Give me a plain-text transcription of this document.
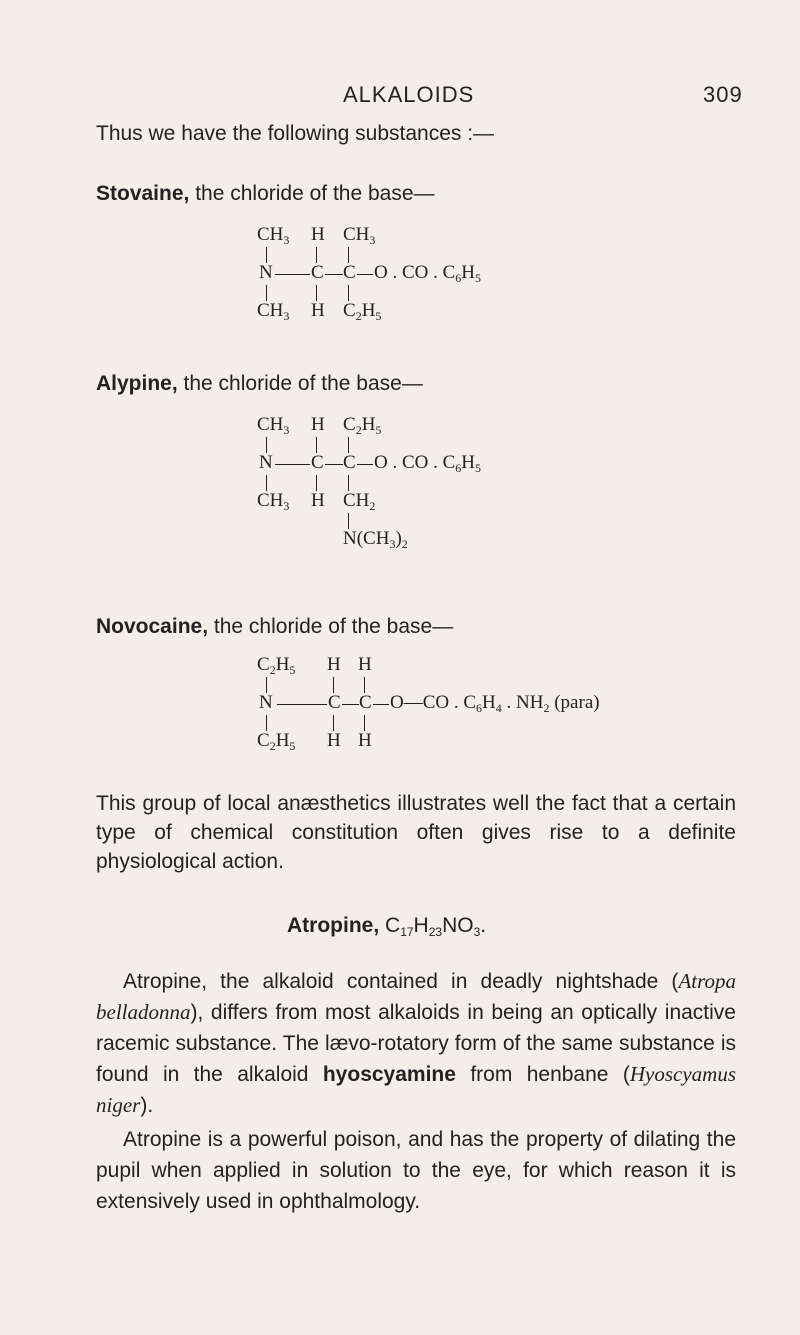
ALKALOIDS	309
Thus we have the following substances :—
Stovaine, the chloride of the base—
$CH_3$ H $CH_3$
N C C O . CO . $C_6H_5$
$CH_3$ H $C_2H_5$
Alypine, the chloride of the base—
$CH_3$ H $C_2H_5$
N C C O . CO . $C_6H_5$
$CH_3$ H $CH_2$
$N(CH_3)_2$
Novocaine, the chloride of the base—
$C_2H_5$ H H
N	C C O—CO . $C_6H_4$ . $NH_2$ (para)
$C_2H_5$ H H
This group of local anæsthetics illustrates well the fact that a certain type of chemical constitution often gives rise to a definite physiological action.
Atropine, $C_{17}H_{23}NO_3$.
Atropine, the alkaloid contained in deadly nightshade (Atropa belladonna), differs from most alkaloids in being an optically inactive racemic substance. The lævo-rotatory form of the same substance is found in the alkaloid hyoscyamine from henbane (Hyoscyamus niger).
Atropine is a powerful poison, and has the property of dilating the pupil when applied in solution to the eye, for which reason it is extensively used in ophthalmology.
